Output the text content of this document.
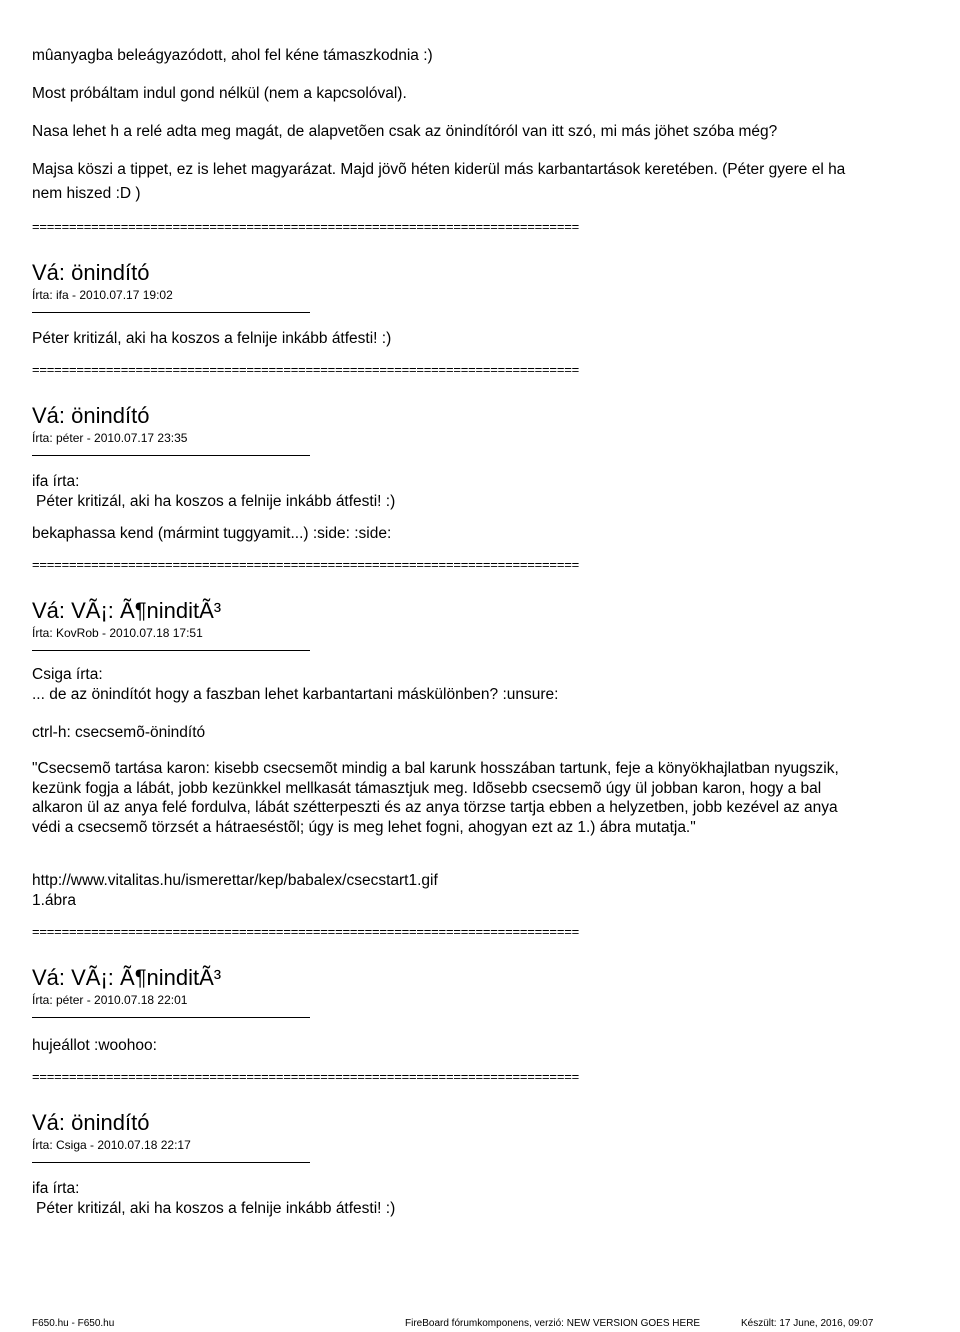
mûanyagba beleágyazódott, ahol fel kéne támaszkodnia :)

Most próbáltam indul gond nélkül (nem a kapcsolóval).

Nasa lehet h a relé adta meg magát, de alapvetõen csak az önindítóról van itt szó, mi más jöhet szóba még?

Majsa köszi a tippet, ez is lehet magyarázat. Majd jövõ héten kiderül más karbantartások keretében. (Péter gyere el ha

nem hiszed :D )

==========================================================================
Vá: önindító
Írta: ifa - 2010.07.17 19:02

Péter kritizál, aki ha koszos a felnije inkább átfesti! :)

==========================================================================
Vá: önindító
Írta: péter - 2010.07.17 23:35

ifa írta:

Péter kritizál, aki ha koszos a felnije inkább átfesti! :)

bekaphassa kend (mármint tuggyamit...) :side: :side:

==========================================================================
Vá: VÃ¡: Ã¶ninditÃ³
Írta: KovRob - 2010.07.18 17:51

Csiga írta:

... de az önindítót hogy a faszban lehet karbantartani máskülönben? :unsure:

ctrl-h: csecsemõ-önindító

"Csecsemõ tartása karon: kisebb csecsemõt mindig a bal karunk hosszában tartunk, feje a könyökhajlatban nyugszik,

kezünk fogja a lábát, jobb kezünkkel mellkasát támasztjuk meg. Idõsebb csecsemõ úgy ül jobban karon, hogy a bal

alkaron ül az anya felé fordulva, lábát szétterpeszti és az anya törzse tartja ebben a helyzetben, jobb kezével az anya

védi a csecsemõ törzsét a hátraeséstõl; úgy is meg lehet fogni, ahogyan ezt az 1.) ábra mutatja."

http://www.vitalitas.hu/ismerettar/kep/babalex/csecstart1.gif

1.ábra

==========================================================================
Vá: VÃ¡: Ã¶ninditÃ³
Írta: péter - 2010.07.18 22:01

hujeállot :woohoo:

==========================================================================
Vá: önindító
Írta: Csiga - 2010.07.18 22:17

ifa írta:

Péter kritizál, aki ha koszos a felnije inkább átfesti! :)

F650.hu - F650.hu	FireBoard fórumkomponens, verzió: NEW VERSION GOES HERE	Készült: 17 June, 2016, 09:07
